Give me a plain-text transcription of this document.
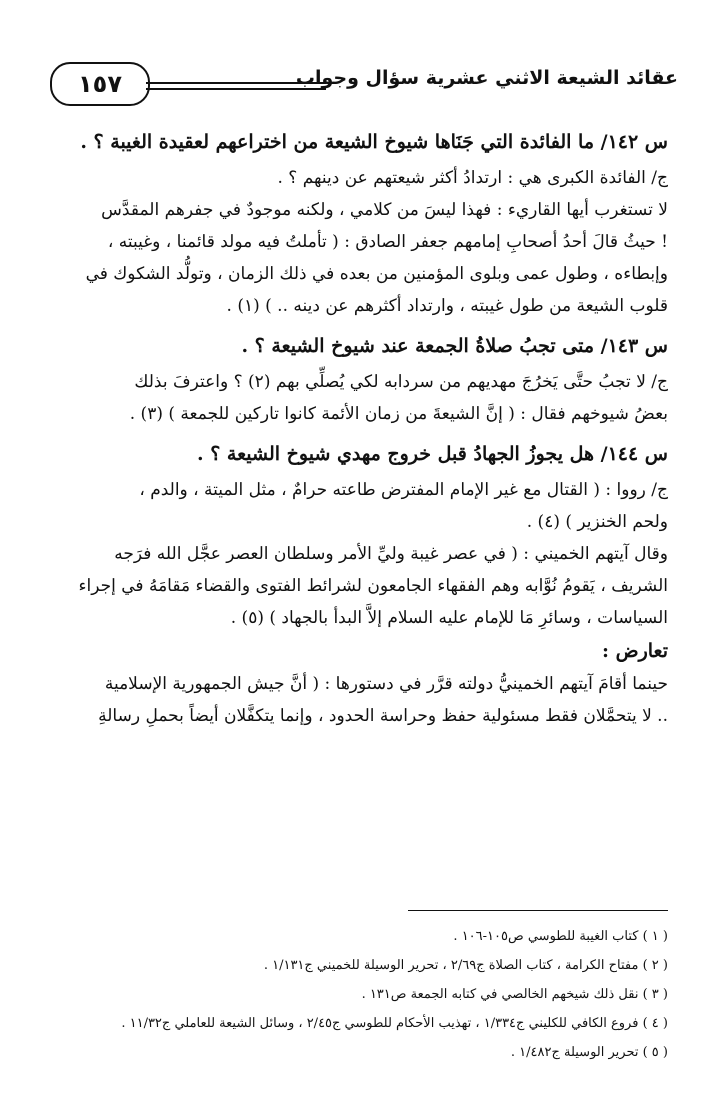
عقائد الشيعة الاثني عشرية سؤال وجواب
١٥٧
س ١٤٢/ ما الفائدة التي جَنَاها شيوخ الشيعة من اختراعهم لعقيدة الغيبة ؟ .
ج/ الفائدة الكبرى هي : ارتدادُ أكثر شيعتهم عن دينهم ؟ .
لا تستغرب أيها القاريء : فهذا ليسَ من كلامي ، ولكنه موجودٌ في جفرهم المقدَّس
! حيثُ قالَ أحدُ أصحابِ إمامهم جعفر الصادق : ( تأملتُ فيه مولد قائمنا ، وغيبته ،
وإبطاءه ، وطول عمى وبلوى المؤمنين من بعده في ذلك الزمان ، وتولُّد الشكوك في
قلوب الشيعة من طول غيبته ، وارتداد أكثرهم عن دينه .. ) (١) .
س ١٤٣/ متى تجبُ صلاةُ الجمعة عند شيوخ الشيعة ؟ .
ج/ لا تجبُ حتَّى يَخرُجَ مهديهم من سردابه لكي يُصلِّي بهم (٢) ؟ واعترفَ بذلك
بعضُ شيوخهم فقال : ( إنَّ الشيعةَ من زمان الأئمة كانوا تاركين للجمعة ) (٣) .
س ١٤٤/ هل يجوزُ الجهادُ قبل خروج مهدي شيوخ الشيعة ؟ .
ج/ رووا : ( القتال مع غير الإمام المفترض طاعته حرامٌ ، مثل الميتة ، والدم ،
ولحم الخنزير ) (٤) .
وقال آيتهم الخميني : ( في عصر غيبة وليِّ الأمر وسلطان العصر عجَّل الله فرَجه
الشريف ، يَقومُ نُوَّابه وهم الفقهاء الجامعون لشرائط الفتوى والقضاء مَقامَهُ في إجراء
السياسات ، وسائرِ مَا للإمام عليه السلام إلاَّ البدأ بالجهاد ) (٥) .
تعارض :
حينما أقامَ آيتهم الخمينيُّ دولته قرَّر في دستورها : ( أنَّ جيش الجمهورية الإسلامية
.. لا يتحمَّلان فقط مسئولية حفظ وحراسة الحدود ، وإنما يتكفَّلان أيضاً بحملِ رسالةِ
( ١ ) كتاب الغيبة للطوسي ص١٠٥-١٠٦ .
( ٢ ) مفتاح الكرامة ، كتاب الصلاة ج٢/٦٩ ، تحرير الوسيلة للخميني ج١/١٣١ .
( ٣ ) نقل ذلك شيخهم الخالصي في كتابه الجمعة ص١٣١ .
( ٤ ) فروع الكافي للكليني ج١/٣٣٤ ، تهذيب الأحكام للطوسي ج٢/٤٥ ، وسائل الشيعة للعاملي ج١١/٣٢ .
( ٥ ) تحرير الوسيلة ج١/٤٨٢ .
